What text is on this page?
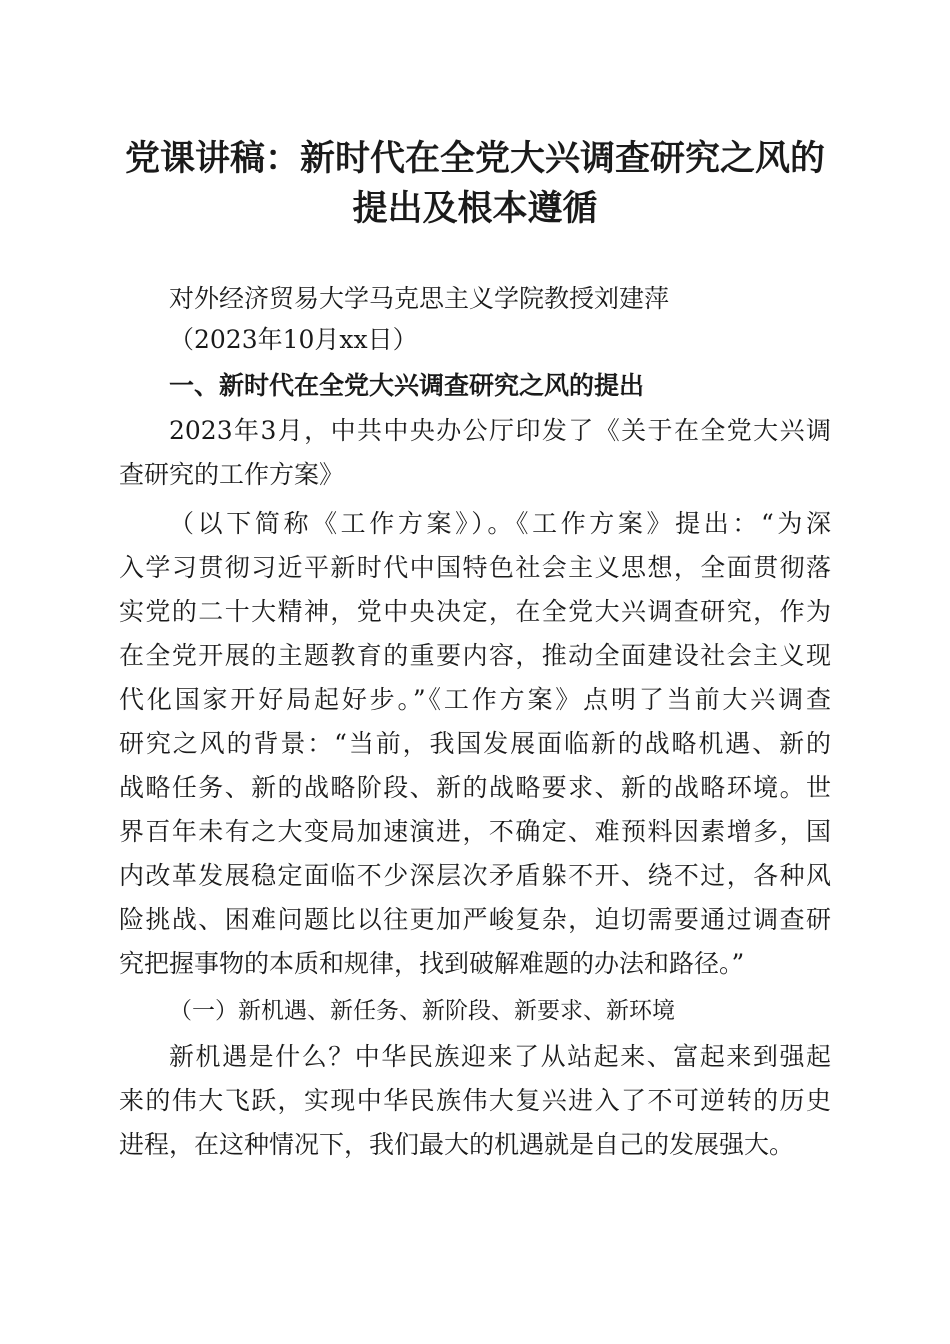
党课讲稿：新时代在全党大兴调查研究之风的
提出及根本遵循
对外经济贸易大学马克思主义学院教授刘建萍
（2023年10月xx日）
一、新时代在全党大兴调查研究之风的提出
2023年3月，中共中央办公厅印发了《关于在全党大兴调
查研究的工作方案》
（以下简称《工作方案》）。《工作方案》提出：“为深
入学习贯彻习近平新时代中国特色社会主义思想，全面贯彻落
实党的二十大精神，党中央决定，在全党大兴调查研究，作为
在全党开展的主题教育的重要内容，推动全面建设社会主义现
代化国家开好局起好步。”《工作方案》点明了当前大兴调查
研究之风的背景：“当前，我国发展面临新的战略机遇、新的
战略任务、新的战略阶段、新的战略要求、新的战略环境。世
界百年未有之大变局加速演进，不确定、难预料因素增多，国
内改革发展稳定面临不少深层次矛盾躲不开、绕不过，各种风
险挑战、困难问题比以往更加严峻复杂，迫切需要通过调查研
究把握事物的本质和规律，找到破解难题的办法和路径。”
（一）新机遇、新任务、新阶段、新要求、新环境
新机遇是什么？中华民族迎来了从站起来、富起来到强起
来的伟大飞跃，实现中华民族伟大复兴进入了不可逆转的历史
进程，在这种情况下，我们最大的机遇就是自己的发展强大。
